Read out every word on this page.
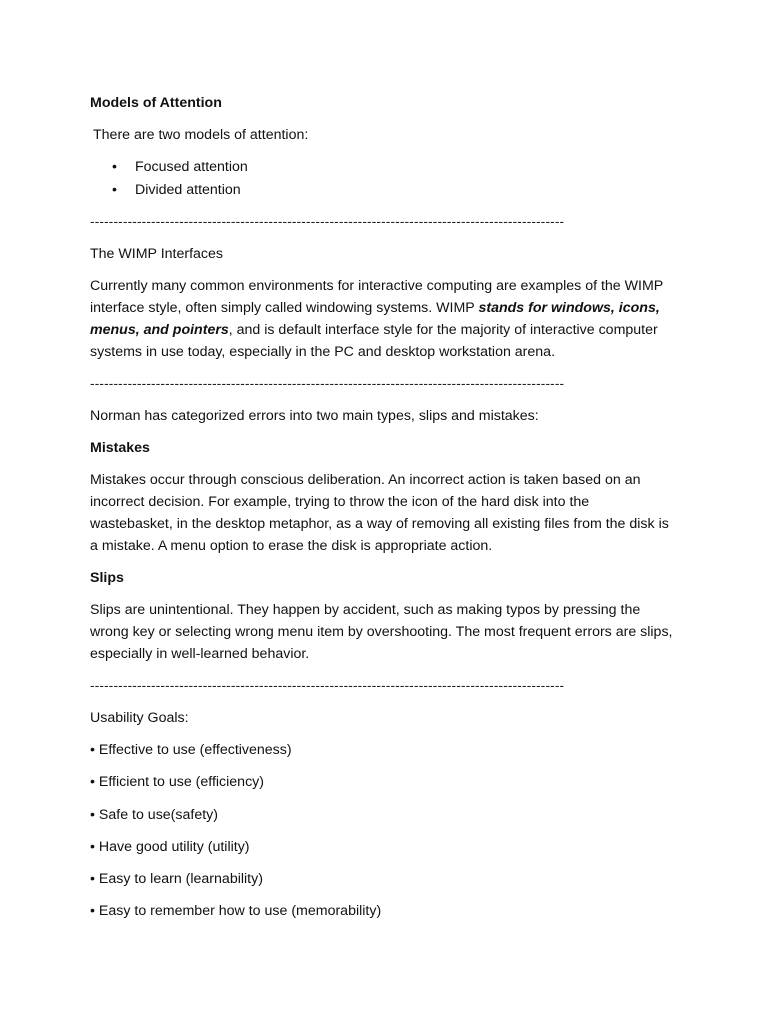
Models of Attention

There are two models of attention:

• Focused attention
• Divided attention

-----------------------------------------------------------------------------------------------------

The WIMP Interfaces

Currently many common environments for interactive computing are examples of the WIMP interface style, often simply called windowing systems. WIMP stands for windows, icons, menus, and pointers, and is default interface style for the majority of interactive computer systems in use today, especially in the PC and desktop workstation arena.

-----------------------------------------------------------------------------------------------------

Norman has categorized errors into two main types, slips and mistakes:

Mistakes

Mistakes occur through conscious deliberation. An incorrect action is taken based on an incorrect decision. For example, trying to throw the icon of the hard disk into the wastebasket, in the desktop metaphor, as a way of removing all existing files from the disk is a mistake. A menu option to erase the disk is appropriate action.

Slips

Slips are unintentional. They happen by accident, such as making typos by pressing the wrong key or selecting wrong menu item by overshooting. The most frequent errors are slips, especially in well-learned behavior.

-----------------------------------------------------------------------------------------------------

Usability Goals:

• Effective to use (effectiveness)

• Efficient to use (efficiency)

• Safe to use(safety)

• Have good utility (utility)

• Easy to learn (learnability)

• Easy to remember how to use (memorability)
